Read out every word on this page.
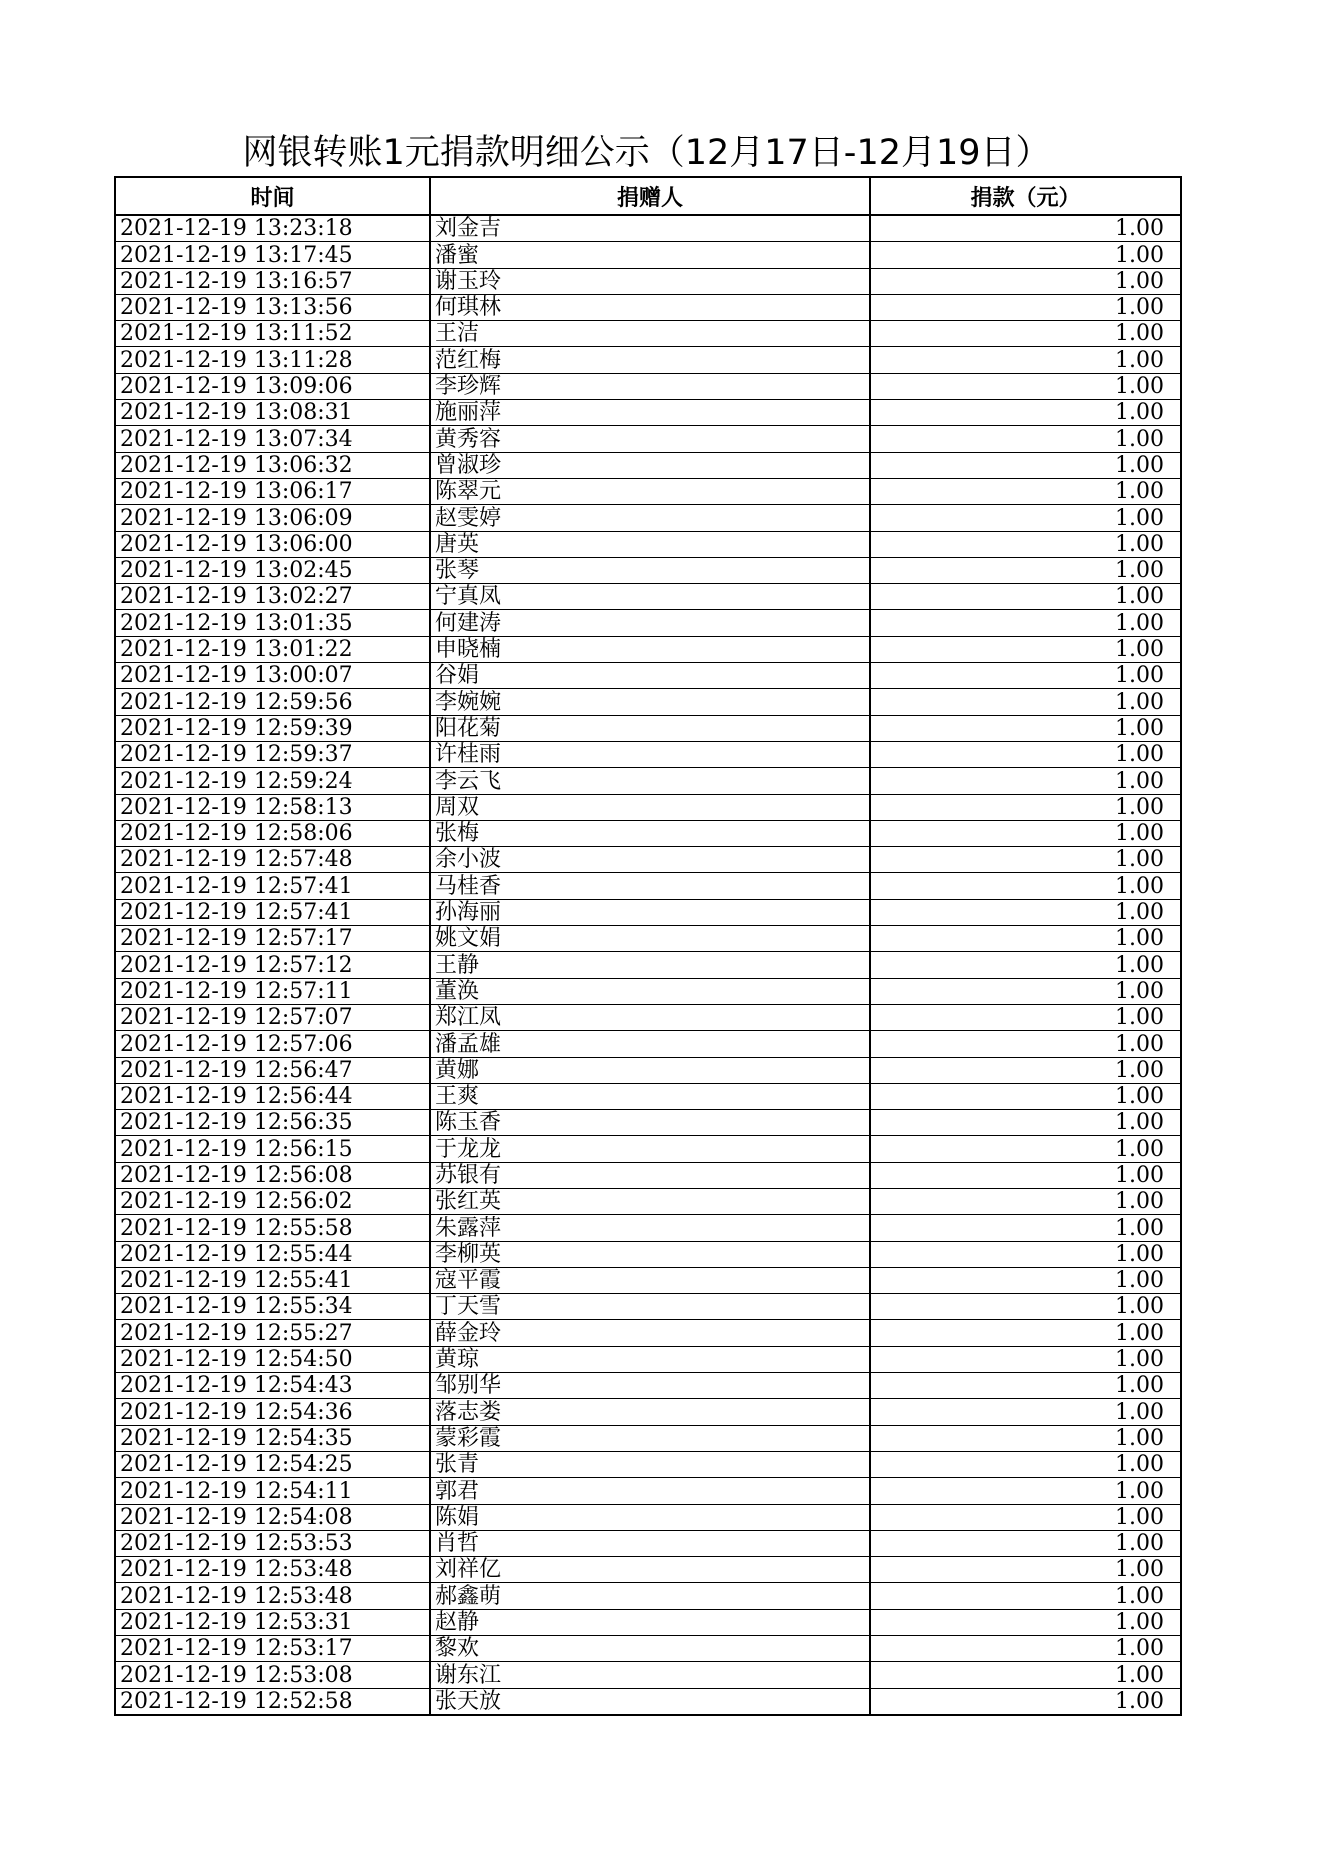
网银转账1元捐款明细公示（12月17日-12月19日）
时间	捐赠人	捐款（元）
2021-12-19 13:23:18	刘金吉	1.00
2021-12-19 13:17:45	潘蜜	1.00
2021-12-19 13:16:57	谢玉玲	1.00
2021-12-19 13:13:56	何琪林	1.00
2021-12-19 13:11:52	王洁	1.00
2021-12-19 13:11:28	范红梅	1.00
2021-12-19 13:09:06	李珍辉	1.00
2021-12-19 13:08:31	施丽萍	1.00
2021-12-19 13:07:34	黄秀容	1.00
2021-12-19 13:06:32	曾淑珍	1.00
2021-12-19 13:06:17	陈翠元	1.00
2021-12-19 13:06:09	赵雯婷	1.00
2021-12-19 13:06:00	唐英	1.00
2021-12-19 13:02:45	张琴	1.00
2021-12-19 13:02:27	宁真凤	1.00
2021-12-19 13:01:35	何建涛	1.00
2021-12-19 13:01:22	申晓楠	1.00
2021-12-19 13:00:07	谷娟	1.00
2021-12-19 12:59:56	李婉婉	1.00
2021-12-19 12:59:39	阳花菊	1.00
2021-12-19 12:59:37	许桂雨	1.00
2021-12-19 12:59:24	李云飞	1.00
2021-12-19 12:58:13	周双	1.00
2021-12-19 12:58:06	张梅	1.00
2021-12-19 12:57:48	余小波	1.00
2021-12-19 12:57:41	马桂香	1.00
2021-12-19 12:57:41	孙海丽	1.00
2021-12-19 12:57:17	姚文娟	1.00
2021-12-19 12:57:12	王静	1.00
2021-12-19 12:57:11	董涣	1.00
2021-12-19 12:57:07	郑江凤	1.00
2021-12-19 12:57:06	潘孟雄	1.00
2021-12-19 12:56:47	黄娜	1.00
2021-12-19 12:56:44	王爽	1.00
2021-12-19 12:56:35	陈玉香	1.00
2021-12-19 12:56:15	于龙龙	1.00
2021-12-19 12:56:08	苏银有	1.00
2021-12-19 12:56:02	张红英	1.00
2021-12-19 12:55:58	朱露萍	1.00
2021-12-19 12:55:44	李柳英	1.00
2021-12-19 12:55:41	寇平霞	1.00
2021-12-19 12:55:34	丁天雪	1.00
2021-12-19 12:55:27	薛金玲	1.00
2021-12-19 12:54:50	黄琼	1.00
2021-12-19 12:54:43	邹别华	1.00
2021-12-19 12:54:36	落志娄	1.00
2021-12-19 12:54:35	蒙彩霞	1.00
2021-12-19 12:54:25	张青	1.00
2021-12-19 12:54:11	郭君	1.00
2021-12-19 12:54:08	陈娟	1.00
2021-12-19 12:53:53	肖哲	1.00
2021-12-19 12:53:48	刘祥亿	1.00
2021-12-19 12:53:48	郝鑫萌	1.00
2021-12-19 12:53:31	赵静	1.00
2021-12-19 12:53:17	黎欢	1.00
2021-12-19 12:53:08	谢东江	1.00
2021-12-19 12:52:58	张天放	1.00
